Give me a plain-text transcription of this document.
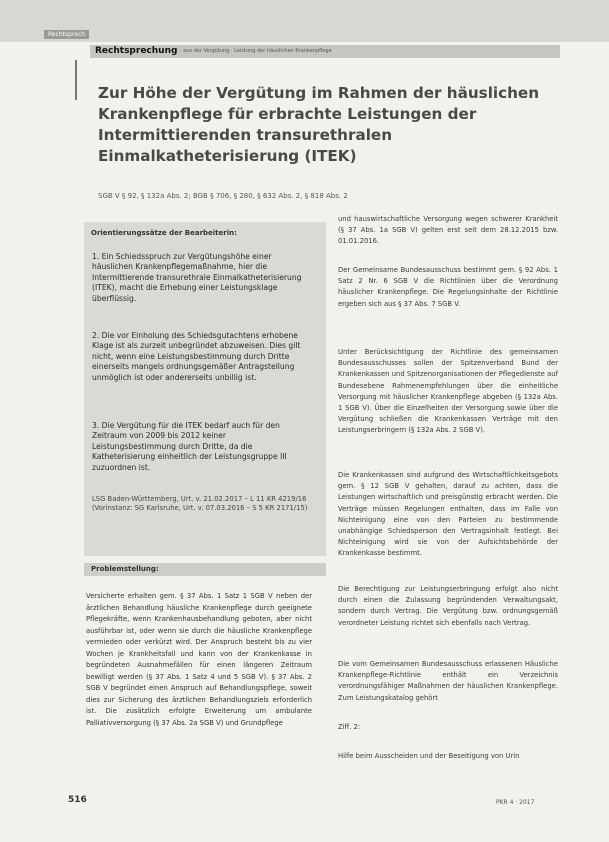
Rechtsprech
Rechtsprechung · aus der Vergütung · Leistung der häuslichen Krankenpflege
Zur Höhe der Vergütung im Rahmen der häuslichen Krankenpflege für erbrachte Leistungen der Intermittierenden transurethralen Einmalkatheterisierung (ITEK)
SGB V § 92, § 132a Abs. 2; BGB § 706, § 280, § 632 Abs. 2, § 818 Abs. 2
Orientierungssätze der Bearbeiterin:

1. Ein Schiedsspruch zur Vergütungshöhe einer häuslichen Krankenpflegemaßnahme, hier die Intermittierende transurethrale Einmalkatheterisierung (ITEK), macht die Erhebung einer Leistungsklage überflüssig.

2. Die vor Einholung des Schiedsgutachtens erhobene Klage ist als zurzeit unbegründet abzuweisen. Dies gilt nicht, wenn eine Leistungsbestimmung durch Dritte einerseits mangels ordnungsgemäßer Antragstellung unmöglich ist oder andererseits unbillig ist.

3. Die Vergütung für die ITEK bedarf auch für den Zeitraum von 2009 bis 2012 keiner Leistungsbestimmung durch Dritte, da die Katheterisierung einheitlich der Leistungsgruppe III zuzuordnen ist.

LSG Baden-Württemberg, Urt. v. 21.02.2017 – L 11 KR 4219/16 (Vorinstanz: SG Karlsruhe, Urt. v. 07.03.2016 – S 5 KR 2171/15)

Problemstellung:

Versicherte erhalten gem. § 37 Abs. 1 Satz 1 SGB V neben der ärztlichen Behandlung häusliche Krankenpflege durch geeignete Pflegekräfte, wenn Krankenhausbehandlung geboten, aber nicht ausführbar ist, oder wenn sie durch die häusliche Krankenpflege vermieden oder verkürzt wird. Der Anspruch besteht bis zu vier Wochen je Krankheitsfall und kann von der Krankenkasse in begründeten Ausnahmefällen für einen längeren Zeitraum bewilligt werden (§ 37 Abs. 1 Satz 4 und 5 SGB V). § 37 Abs. 2 SGB V begründet einen Anspruch auf Behandlungspflege, soweit dies zur Sicherung des ärztlichen Behandlungsziels erforderlich ist. Die zusätzlich erfolgte Erweiterung um ambulante Palliativversorgung (§ 37 Abs. 2a SGB V) und Grundpflege

und hauswirtschaftliche Versorgung wegen schwerer Krankheit (§ 37 Abs. 1a SGB V) gelten erst seit dem 28.12.2015 bzw. 01.01.2016.

Der Gemeinsame Bundesausschuss bestimmt gem. § 92 Abs. 1 Satz 2 Nr. 6 SGB V die Richtlinien über die Verordnung häuslicher Krankenpflege. Die Regelungsinhalte der Richtlinie ergeben sich aus § 37 Abs. 7 SGB V.

Unter Berücksichtigung der Richtlinie des gemeinsamen Bundesausschusses sollen der Spitzenverband Bund der Krankenkassen und Spitzenorganisationen der Pflegedienste auf Bundesebene Rahmenempfehlungen über die einheitliche Versorgung mit häuslicher Krankenpflege abgeben (§ 132a Abs. 1 SGB V). Über die Einzelheiten der Versorgung sowie über die Vergütung schließen die Krankenkassen Verträge mit den Leistungserbringern (§ 132a Abs. 2 SGB V).

Die Krankenkassen sind aufgrund des Wirtschaftlichkeitsgebots gem. § 12 SGB V gehalten, darauf zu achten, dass die Leistungen wirtschaftlich und preisgünstig erbracht werden. Die Verträge müssen Regelungen enthalten, dass im Falle von Nichteinigung eine von den Parteien zu bestimmende unabhängige Schiedsperson den Vertragsinhalt festlegt. Bei Nichteinigung wird sie von der Aufsichtsbehörde der Krankenkasse bestimmt.

Die Berechtigung zur Leistungserbringung erfolgt also nicht durch einen die Zulassung begründenden Verwaltungsakt, sondern durch Vertrag. Die Vergütung bzw. ordnungsgemäß verordneter Leistung richtet sich ebenfalls nach Vertrag.

Die vom Gemeinsamen Bundesausschuss erlassenen Häusliche Krankenpflege-Richtlinie enthält ein Verzeichnis verordnungsfähiger Maßnahmen der häuslichen Krankenpflege. Zum Leistungskatalog gehört

Ziff. 2:

Hilfe beim Ausscheiden und der Beseitigung von Urin

516	PKR 4 · 2017
